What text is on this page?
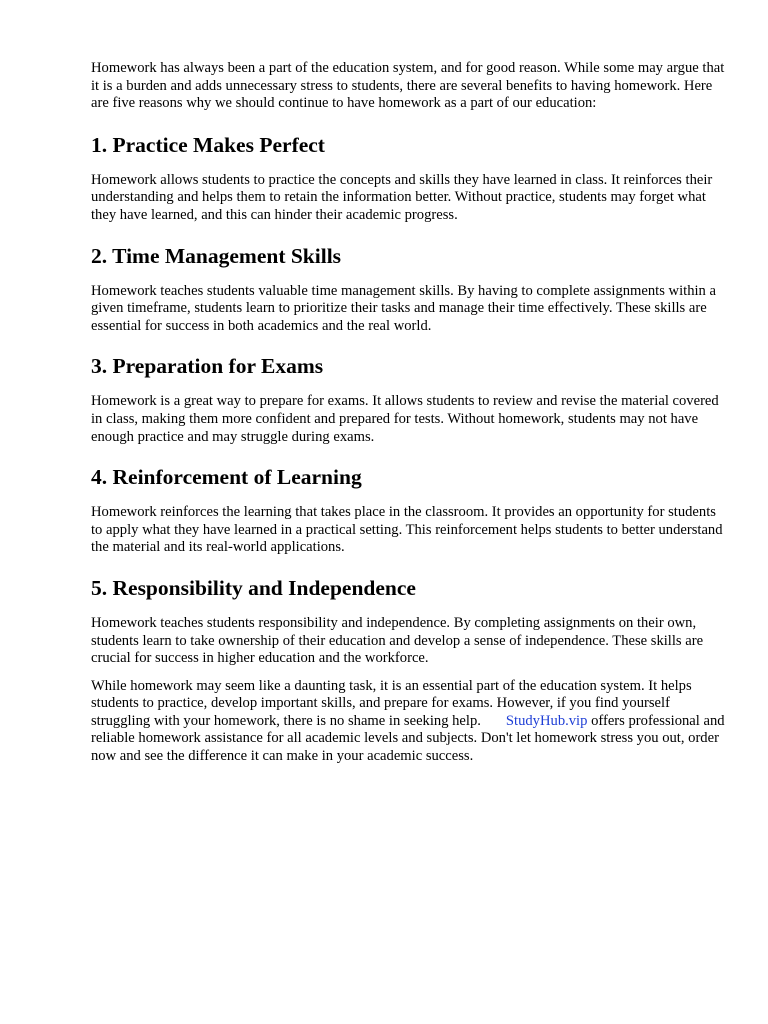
Homework has always been a part of the education system, and for good reason. While some may argue that it is a burden and adds unnecessary stress to students, there are several benefits to having homework. Here are five reasons why we should continue to have homework as a part of our education:

1. Practice Makes Perfect

Homework allows students to practice the concepts and skills they have learned in class. It reinforces their understanding and helps them to retain the information better. Without practice, students may forget what they have learned, and this can hinder their academic progress.

2. Time Management Skills

Homework teaches students valuable time management skills. By having to complete assignments within a given timeframe, students learn to prioritize their tasks and manage their time effectively. These skills are essential for success in both academics and the real world.

3. Preparation for Exams

Homework is a great way to prepare for exams. It allows students to review and revise the material covered in class, making them more confident and prepared for tests. Without homework, students may not have enough practice and may struggle during exams.

4. Reinforcement of Learning

Homework reinforces the learning that takes place in the classroom. It provides an opportunity for students to apply what they have learned in a practical setting. This reinforcement helps students to better understand the material and its real-world applications.

5. Responsibility and Independence

Homework teaches students responsibility and independence. By completing assignments on their own, students learn to take ownership of their education and develop a sense of independence. These skills are crucial for success in higher education and the workforce.

While homework may seem like a daunting task, it is an essential part of the education system. It helps students to practice, develop important skills, and prepare for exams. However, if you find yourself struggling with your homework, there is no shame in seeking help. StudyHub.vip offers professional and reliable homework assistance for all academic levels and subjects. Don't let homework stress you out, order now and see the difference it can make in your academic success.
